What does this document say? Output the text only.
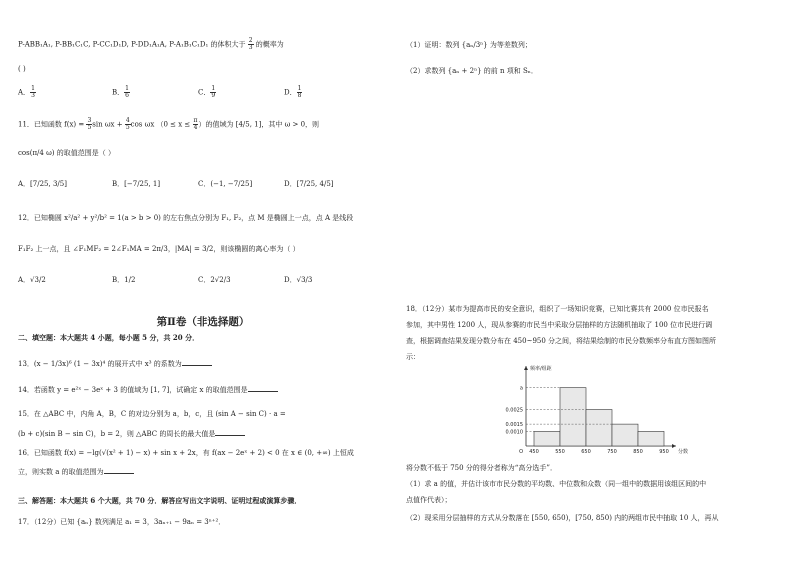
P-ABB₁A₁, P-BB₁C₁C, P-CC₁D₁D, P-DD₁A₁A, P-A₁B₁C₁D₁ 的体积大于 $\frac{2}{3}$ 的概率为
( )
A． $\frac{1}{3}$	B． $\frac{1}{6}$	C． $\frac{1}{9}$	D． $\frac{1}{8}$
11．已知函数 $f(x) = \frac{3}{5}$ $\sin \omega x + \frac{4}{5}$ cos ωx （$0 \le x \le \frac{\pi}{4}$ ）的值域为 [4/5, 1]，其中 ω > 0，则
cos(π/4 ω) 的取值范围是（ ）
A．[7/25, 3/5]	B．[−7/25, 1]	C．(−1, −7/25]	D．[7/25, 4/5]
12．已知椭圆 x²/a² + y²/b² = 1(a > b > 0) 的左右焦点分别为 F₁, F₂，点 M 是椭圆上一点，点 A 是线段
F₁F₂ 上一点，且 ∠F₁MF₂ = 2∠F₁MA = 2π/3，|MA| = 3/2，则该椭圆的离心率为（ ）
A．√3/2	B．1/2	C．2√2/3	D．√3/3
第Ⅱ卷（非选择题）
二、填空题：本大题共 4 小题，每小题 5 分，共 20 分．
13．(x − 1/3x)⁶ (1 − 3x)⁴ 的展开式中 x³ 的系数为
14．若函数 y = e²ˣ − 3eˣ + 3 的值域为 [1, 7]，试确定 x 的取值范围是
15．在 △ABC 中，内角 A，B，C 的对边分别为 a，b，c，且 (sin A − sin C) · a =
(b + c)(sin B − sin C)，b = 2，则 △ABC 的周长的最大值是
16．已知函数 f(x) = −lg(√(x² + 1) − x) + sin x + 2x，有 f(ax − 2eˣ + 2) < 0 在 x ∈ (0, +∞) 上恒成
立，则实数 a 的取值范围为
三、解答题：本大题共 6 个大题，共 70 分．解答应写出文字说明、证明过程或演算步骤．
17．（12分）已知 {aₙ} 数列满足 a₁ = 3，3aₙ₊₁ − 9aₙ = 3ⁿ⁺²．
（1）证明：数列 {aₙ/3ⁿ} 为等差数列；
（2）求数列 {aₙ + 2ⁿ} 的前 n 项和 Sₙ．
18．（12分）某市为提高市民的安全意识，组织了一场知识竞赛，已知比赛共有 2000 位市民报名
参加，其中男性 1200 人，现从参赛的市民当中采取分层抽样的方法随机抽取了 100 位市民进行调
查，根据调查结果发现分数分布在 450~950 分之间，将结果绘制的市民分数频率分布直方图如图所
示：
a
0.0025
0.0015
0.0010
450	550	650	750	850	950
O	分数
频率/组距
将分数不低于 750 分的得分者称为“高分选手”．
（1）求 a 的值，并估计该市市民分数的平均数、中位数和众数（同一组中的数据用该组区间的中
点值作代表）；
（2）现采用分层抽样的方式从分数落在 [550, 650)，[750, 850) 内的两组市民中抽取 10 人，再从
